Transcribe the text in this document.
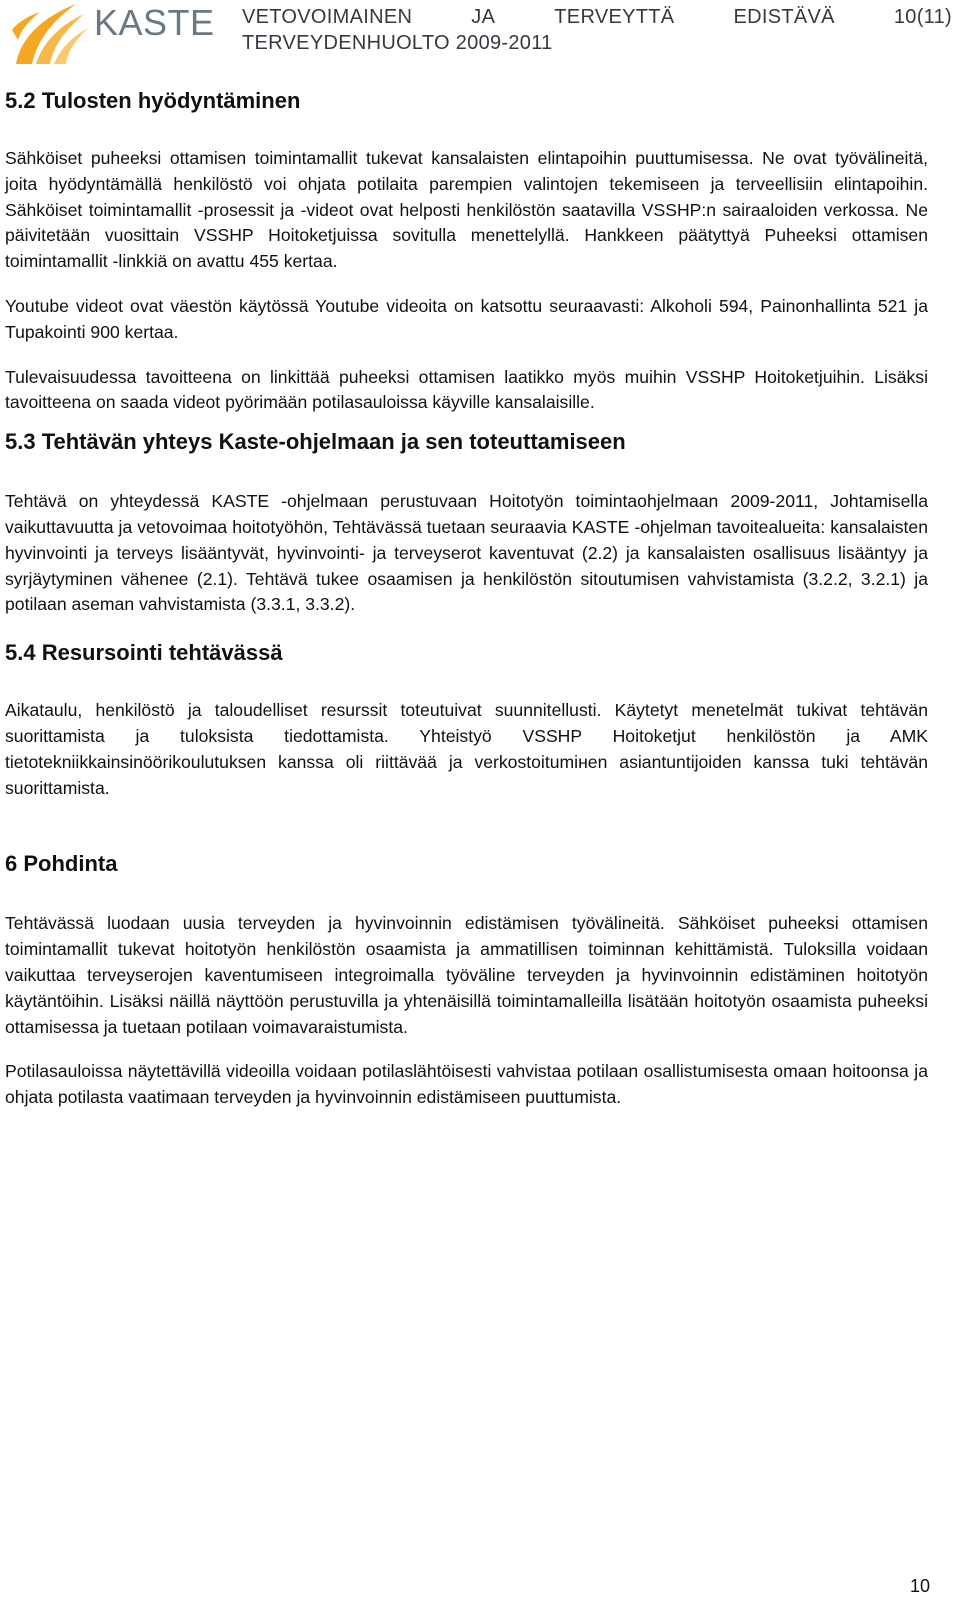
KASTE VETOVOIMAINEN	JA	TERVEYTTÄ	EDISTÄVÄ	10(11)
TERVEYDENHUOLTO 2009-2011
5.2 Tulosten hyödyntäminen

Sähköiset puheeksi ottamisen toimintamallit tukevat kansalaisten elintapoihin puuttumisessa. Ne ovat työvälineitä, joita hyödyntämällä henkilöstö voi ohjata potilaita parempien valintojen tekemiseen ja terveellisiin elintapoihin. Sähköiset toimintamallit -prosessit ja -videot ovat helposti henkilöstön saatavilla VSSHP:n sairaaloiden verkossa. Ne päivitetään vuosittain VSSHP Hoitoketjuissa sovitulla menettelyllä. Hankkeen päätyttyä Puheeksi ottamisen toimintamallit -linkkiä on avattu 455 kertaa.

Youtube videot ovat väestön käytössä Youtube videoita on katsottu seuraavasti: Alkoholi 594, Painonhallinta 521 ja Tupakointi 900 kertaa.

Tulevaisuudessa tavoitteena on linkittää puheeksi ottamisen laatikko myös muihin VSSHP Hoitoketjuihin. Lisäksi tavoitteena on saada videot pyörimään potilasauloissa käyville kansalaisille.

5.3 Tehtävän yhteys Kaste-ohjelmaan ja sen toteuttamiseen

Tehtävä on yhteydessä KASTE -ohjelmaan perustuvaan Hoitotyön toimintaohjelmaan 2009-2011, Johtamisella vaikuttavuutta ja vetovoimaa hoitotyöhön, Tehtävässä tuetaan seuraavia KASTE -ohjelman tavoitealueita: kansalaisten hyvinvointi ja terveys lisääntyvät, hyvinvointi- ja terveyserot kaventuvat (2.2) ja kansalaisten osallisuus lisääntyy ja syrjäytyminen vähenee (2.1). Tehtävä tukee osaamisen ja henkilöstön sitoutumisen vahvistamista (3.2.2, 3.2.1) ja potilaan aseman vahvistamista (3.3.1, 3.3.2).

5.4 Resursointi tehtävässä

Aikataulu, henkilöstö ja taloudelliset resurssit toteutuivat suunnitellusti. Käytetyt menetelmät tukivat tehtävän suorittamista ja tuloksista tiedottamista. Yhteistyö VSSHP Hoitoketjut henkilöstön ja AMK tietotekniikkainsinöörikoulutuksen kanssa oli riittävää ja verkostoitumінen asiantuntijoiden kanssa tuki tehtävän suorittamista.

6 Pohdinta

Tehtävässä luodaan uusia terveyden ja hyvinvoinnin edistämisen työvälineitä. Sähköiset puheeksi ottamisen toimintamallit tukevat hoitotyön henkilöstön osaamista ja ammatillisen toiminnan kehittämistä. Tuloksilla voidaan vaikuttaa terveyserojen kaventumiseen integroimalla työväline terveyden ja hyvinvoinnin edistäminen hoitotyön käytäntöihin. Lisäksi näillä näyttöön perustuvilla ja yhtenäisillä toimintamalleilla lisätään hoitotyön osaamista puheeksi ottamisessa ja tuetaan potilaan voimavaraistumista.

Potilasauloissa näytettävillä videoilla voidaan potilaslähtöisesti vahvistaa potilaan osallistumisesta omaan hoitoonsa ja ohjata potilasta vaatimaan terveyden ja hyvinvoinnin edistämiseen puuttumista.

10
